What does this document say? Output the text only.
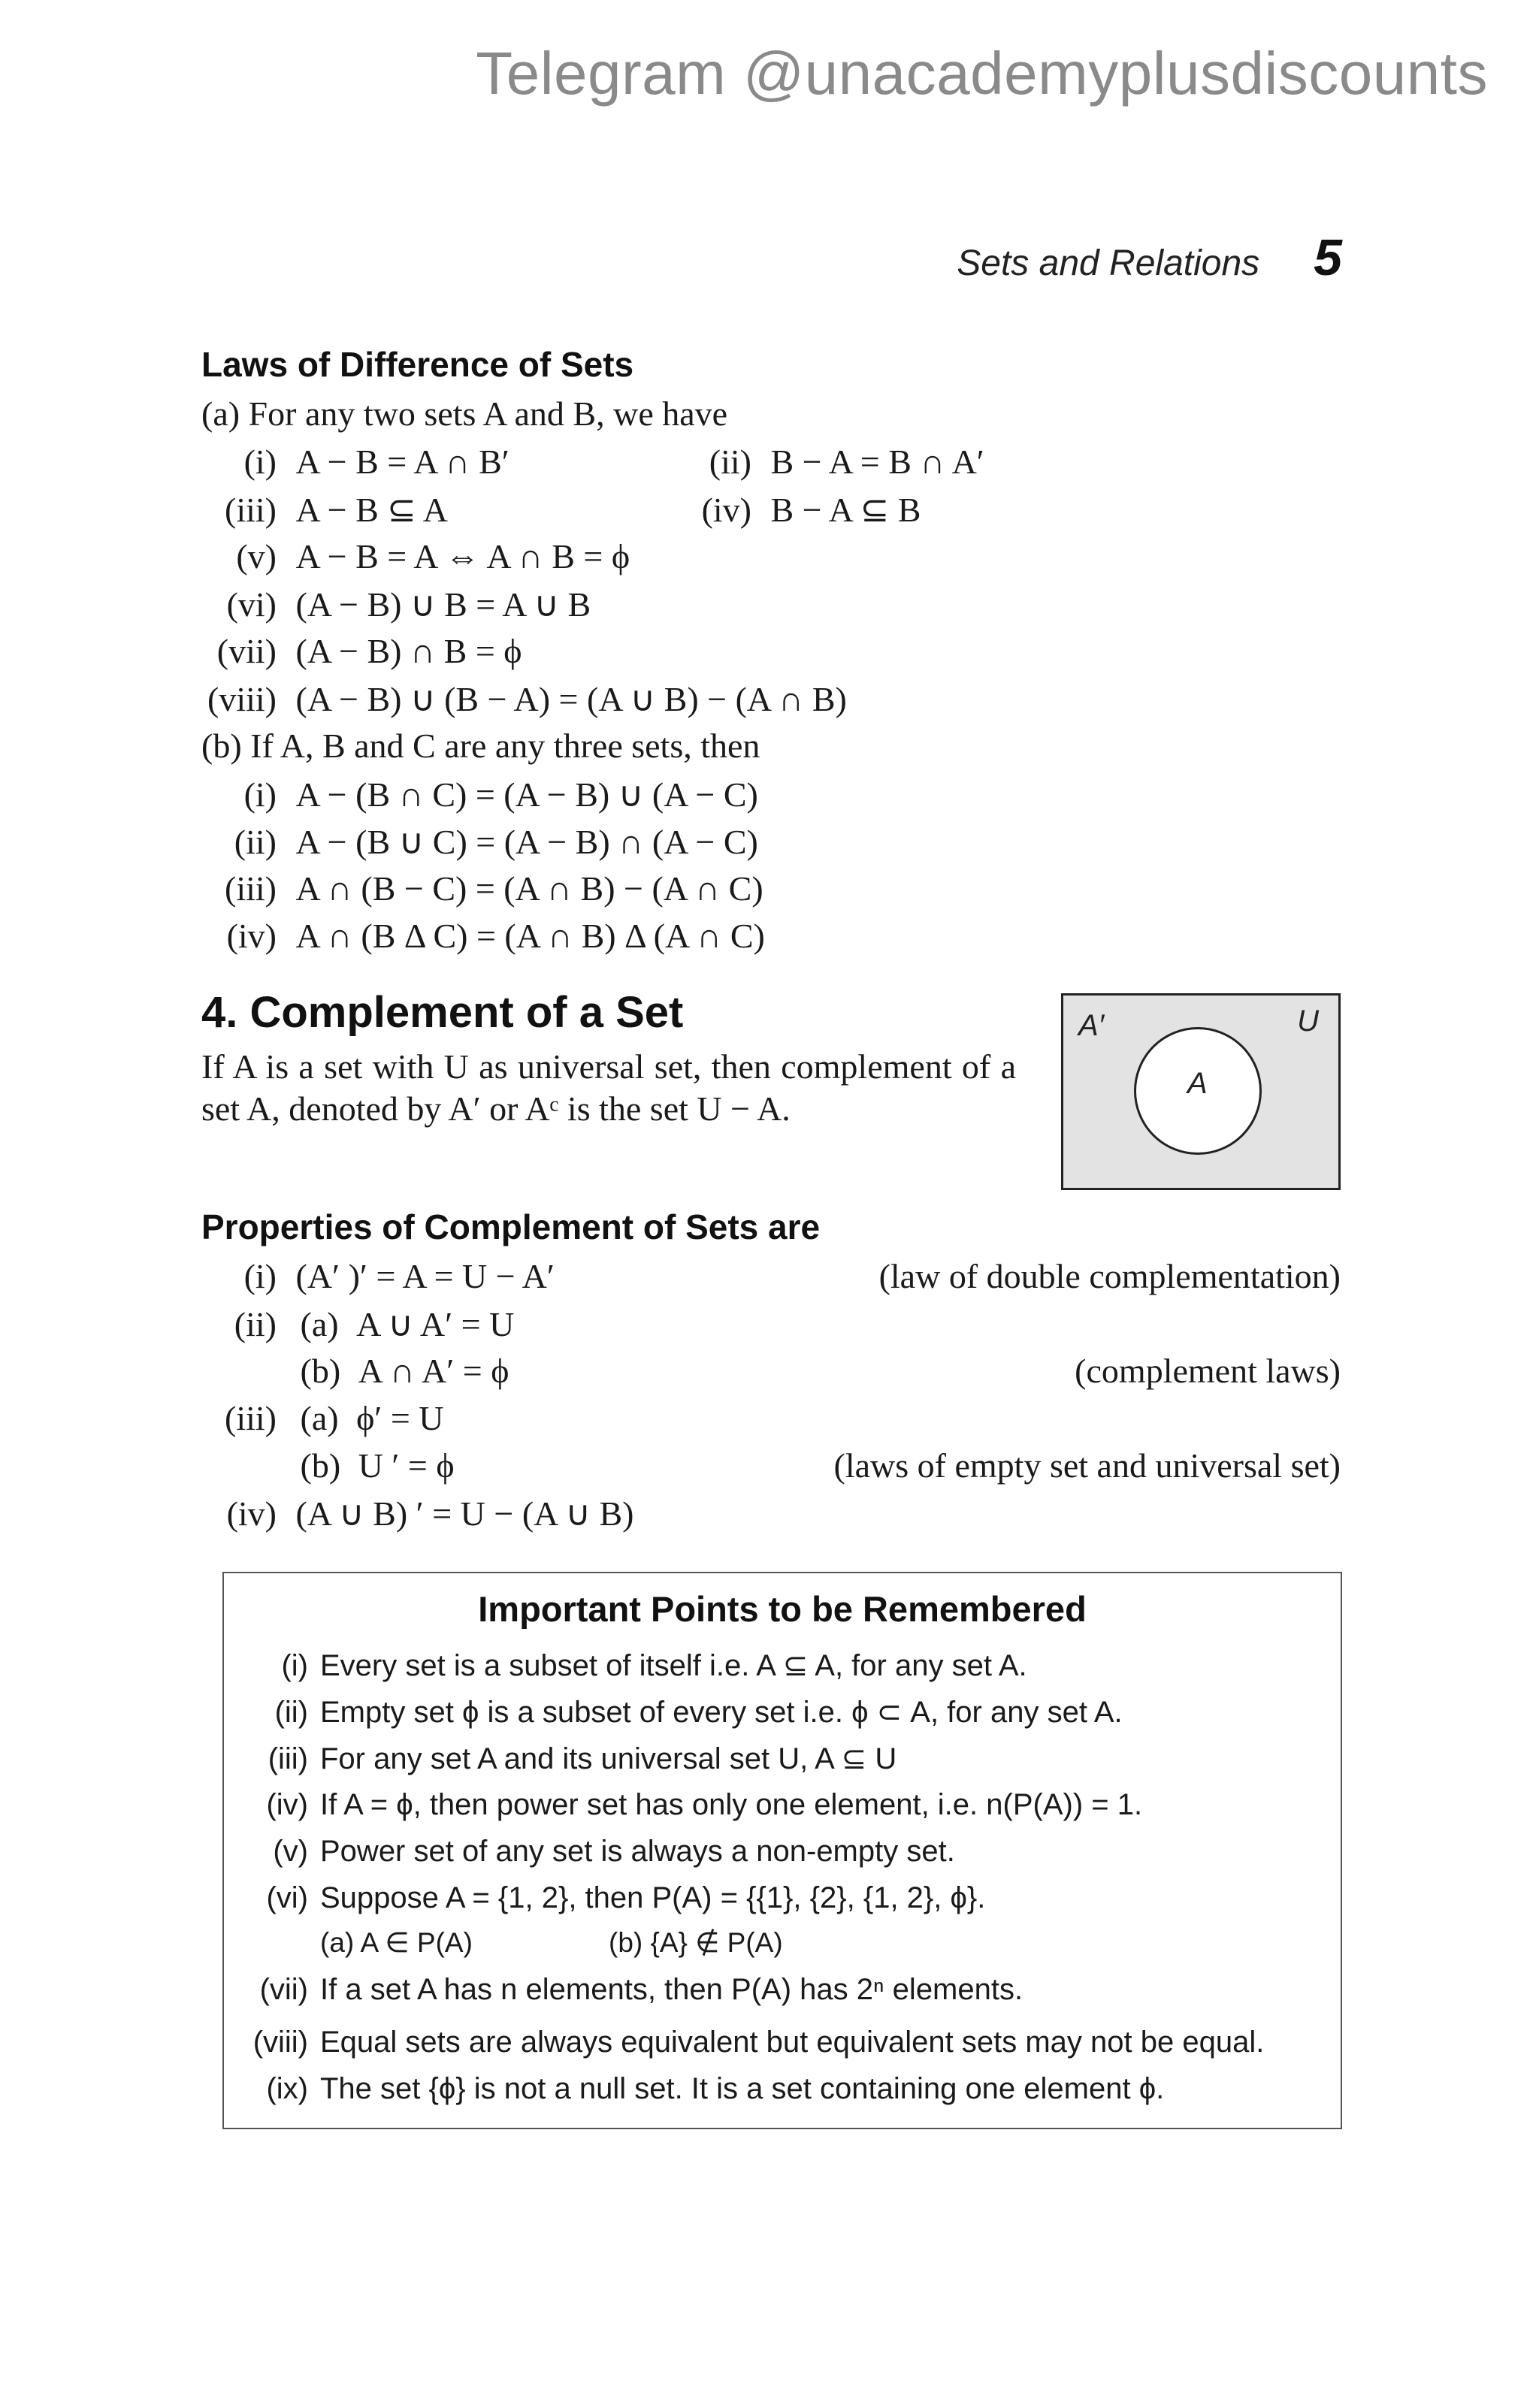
Telegram @unacademyplusdiscounts
Sets and Relations 5
Laws of Difference of Sets
(a) For any two sets A and B, we have
(i) A − B = A ∩ B′	(ii) B − A = B ∩ A′
(iii) A − B ⊆ A	(iv) B − A ⊆ B
(v) A − B = A ⇔ A ∩ B = ϕ
(vi) (A − B) ∪ B = A ∪ B
(vii) (A − B) ∩ B = ϕ
(viii) (A − B) ∪ (B − A) = (A ∪ B) − (A ∩ B)
(b) If A, B and C are any three sets, then
(i) A − (B ∩ C) = (A − B) ∪ (A − C)
(ii) A − (B ∪ C) = (A − B) ∩ (A − C)
(iii) A ∩ (B − C) = (A ∩ B) − (A ∩ C)
(iv) A ∩ (B Δ C) = (A ∩ B) Δ (A ∩ C)
4. Complement of a Set
If A is a set with U as universal set, then complement of a set A, denoted by A′ or Aᶜ is the set U − A.
A′	U
A
Properties of Complement of Sets are
(i) (A′ )′ = A = U − A′	(law of double complementation)
(ii) (a) A ∪ A′ = U
(b) A ∩ A′ = ϕ	(complement laws)
(iii) (a) ϕ′ = U
(b) U ′ = ϕ	(laws of empty set and universal set)
(iv) (A ∪ B) ′ = U − (A ∪ B)
Important Points to be Remembered
(i) Every set is a subset of itself i.e. A ⊆ A, for any set A.
(ii) Empty set ϕ is a subset of every set i.e. ϕ ⊂ A, for any set A.
(iii) For any set A and its universal set U, A ⊆ U
(iv) If A = ϕ, then power set has only one element, i.e. n(P(A)) = 1.
(v) Power set of any set is always a non-empty set.
(vi) Suppose A = {1, 2}, then P(A) = {{1}, {2}, {1, 2}, ϕ}.
(a) A ∈ P(A)	(b) {A} ∉ P(A)
(vii) If a set A has n elements, then P(A) has 2ⁿ elements.
(viii) Equal sets are always equivalent but equivalent sets may not be equal.
(ix) The set {ϕ} is not a null set. It is a set containing one element ϕ.
